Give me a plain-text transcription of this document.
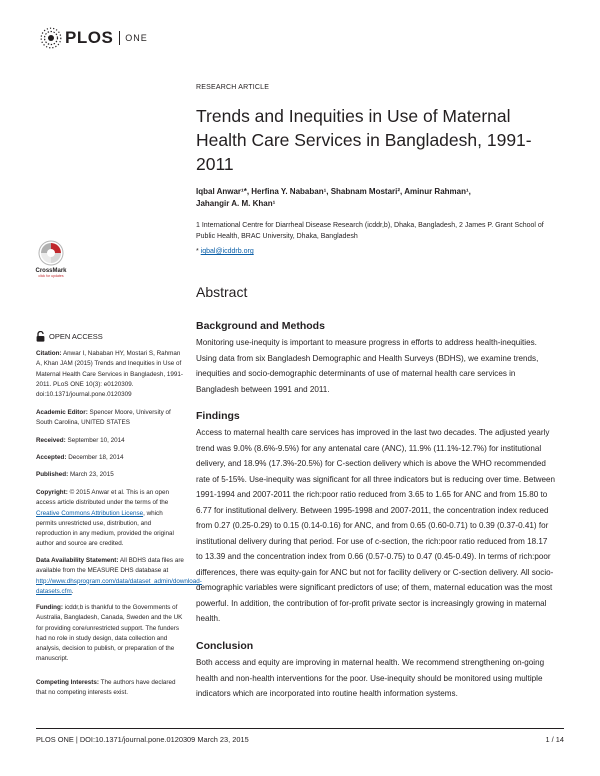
PLOS ONE
RESEARCH ARTICLE
Trends and Inequities in Use of Maternal Health Care Services in Bangladesh, 1991-2011
Iqbal Anwar¹*, Herfina Y. Nababan¹, Shabnam Mostari², Aminur Rahman¹,
Jahangir A. M. Khan¹
1 International Centre for Diarrheal Disease Research (icddr,b), Dhaka, Bangladesh, 2 James P. Grant School of Public Health, BRAC University, Dhaka, Bangladesh
* iqbal@icddrb.org
Abstract
Background and Methods
Monitoring use-inequity is important to measure progress in efforts to address health-inequities. Using data from six Bangladesh Demographic and Health Surveys (BDHS), we examine trends, inequities and socio-demographic determinants of use of maternal health care services in Bangladesh between 1991 and 2011.
Findings
Access to maternal health care services has improved in the last two decades. The adjusted yearly trend was 9.0% (8.6%-9.5%) for any antenatal care (ANC), 11.9% (11.1%-12.7%) for institutional delivery, and 18.9% (17.3%-20.5%) for C-section delivery which is above the WHO recommended rate of 5-15%. Use-inequity was significant for all three indicators but is reducing over time. Between 1991-1994 and 2007-2011 the rich:poor ratio reduced from 3.65 to 1.65 for ANC and from 15.80 to 6.77 for institutional delivery. Between 1995-1998 and 2007-2011, the concentration index reduced from 0.27 (0.25-0.29) to 0.15 (0.14-0.16) for ANC, and from 0.65 (0.60-0.71) to 0.39 (0.37-0.41) for institutional delivery during that period. For use of c-section, the rich:poor ratio reduced from 18.17 to 13.39 and the concentration index from 0.66 (0.57-0.75) to 0.47 (0.45-0.49). In terms of rich:poor differences, there was equity-gain for ANC but not for facility delivery or C-section delivery. All socio-demographic variables were significant predictors of use; of them, maternal education was the most powerful. In addition, the contribution of for-profit private sector is increasingly growing in maternal health.
Conclusion
Both access and equity are improving in maternal health. We recommend strengthening on-going health and non-health interventions for the poor. Use-inequity should be monitored using multiple indicators which are incorporated into routine health information systems.
CrossMark
click for updates
OPEN ACCESS
Citation: Anwar I, Nababan HY, Mostari S, Rahman A, Khan JAM (2015) Trends and Inequities in Use of Maternal Health Care Services in Bangladesh, 1991-2011. PLoS ONE 10(3): e0120309. doi:10.1371/journal.pone.0120309
Academic Editor: Spencer Moore, University of South Carolina, UNITED STATES
Received: September 10, 2014
Accepted: December 18, 2014
Published: March 23, 2015
Copyright: © 2015 Anwar et al. This is an open access article distributed under the terms of the Creative Commons Attribution License, which permits unrestricted use, distribution, and reproduction in any medium, provided the original author and source are credited.
Data Availability Statement: All BDHS data files are available from the MEASURE DHS database at http://www.dhsprogram.com/data/dataset_admin/download-datasets.cfm.
Funding: icddr,b is thankful to the Governments of Australia, Bangladesh, Canada, Sweden and the UK for providing core/unrestricted support. The funders had no role in study design, data collection and analysis, decision to publish, or preparation of the manuscript.
Competing Interests: The authors have declared that no competing interests exist.
PLOS ONE | DOI:10.1371/journal.pone.0120309 March 23, 2015	1 / 14
